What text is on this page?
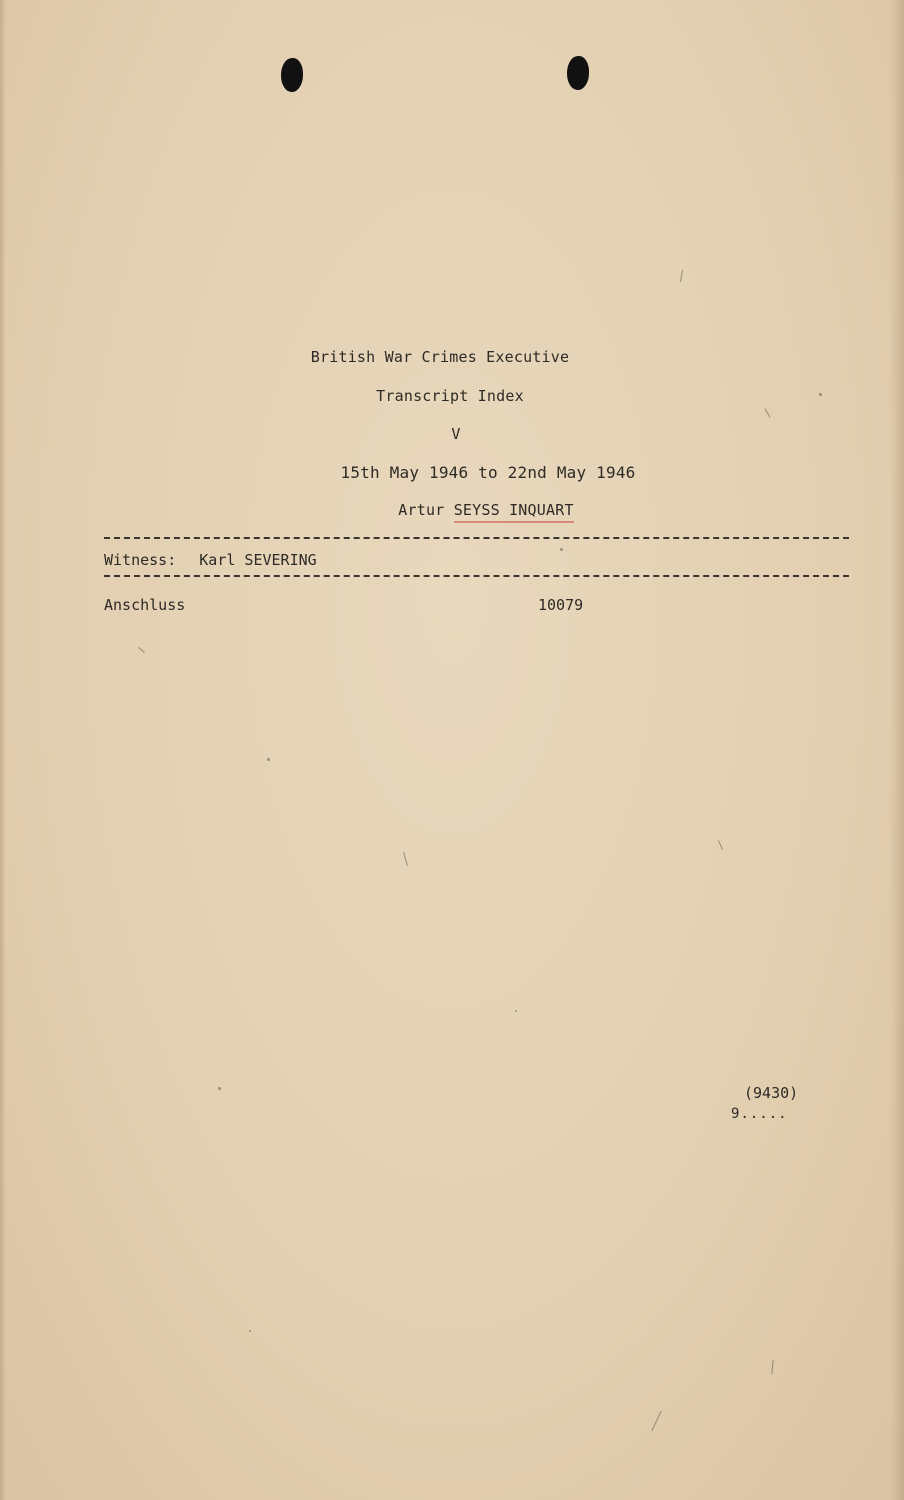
British War Crimes Executive
Transcript Index
V
15th May 1946 to 22nd May 1946
Artur SEYSS INQUART
Witness: Karl SEVERING
Anschluss	10079
(9430)
9.....
